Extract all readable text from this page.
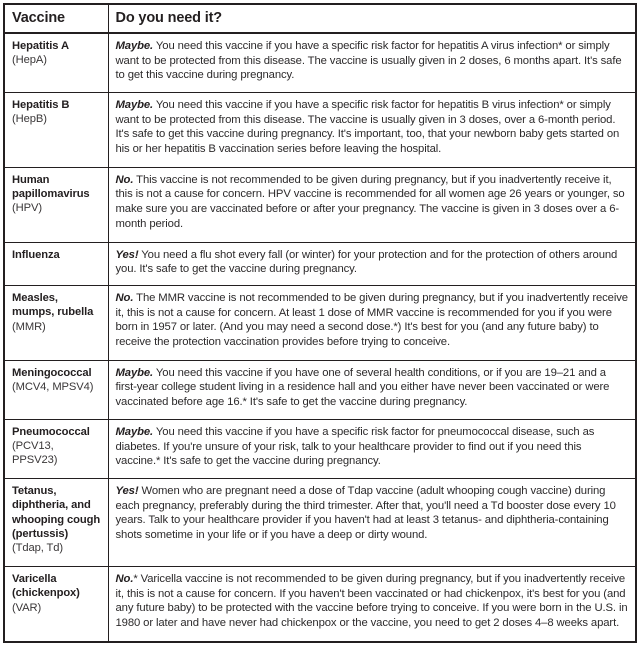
Vaccine	Do you need it?
Hepatitis A (HepA)	Maybe. You need this vaccine if you have a specific risk factor for hepatitis A virus infection* or simply want to be protected from this disease. The vaccine is usually given in 2 doses, 6 months apart. It's safe to get this vaccine during pregnancy.
Hepatitis B (HepB)	Maybe. You need this vaccine if you have a specific risk factor for hepatitis B virus infection* or simply want to be protected from this disease. The vaccine is usually given in 3 doses, over a 6-month period. It's safe to get this vaccine during pregnancy. It's important, too, that your newborn baby gets started on his or her hepatitis B vaccination series before leaving the hospital.
Human papillomavirus (HPV)	No. This vaccine is not recommended to be given during pregnancy, but if you inadvertently receive it, this is not a cause for concern. HPV vaccine is recommended for all women age 26 years or younger, so make sure you are vaccinated before or after your pregnancy. The vaccine is given in 3 doses over a 6-month period.
Influenza	Yes! You need a flu shot every fall (or winter) for your protection and for the protection of others around you. It's safe to get the vaccine during pregnancy.
Measles, mumps, rubella (MMR)	No. The MMR vaccine is not recommended to be given during pregnancy, but if you inadvertently receive it, this is not a cause for concern. At least 1 dose of MMR vaccine is recommended for you if you were born in 1957 or later. (And you may need a second dose.*) It's best for you (and any future baby) to receive the protection vaccination provides before trying to conceive.
Meningococcal (MCV4, MPSV4)	Maybe. You need this vaccine if you have one of several health conditions, or if you are 19–21 and a first-year college student living in a residence hall and you either have never been vaccinated or were vaccinated before age 16.* It's safe to get the vaccine during pregnancy.
Pneumococcal (PCV13, PPSV23)	Maybe. You need this vaccine if you have a specific risk factor for pneumococcal disease, such as diabetes. If you're unsure of your risk, talk to your healthcare provider to find out if you need this vaccine.* It's safe to get the vaccine during pregnancy.
Tetanus, diphtheria, and whooping cough (pertussis) (Tdap, Td)	Yes! Women who are pregnant need a dose of Tdap vaccine (adult whooping cough vaccine) during each pregnancy, preferably during the third trimester. After that, you'll need a Td booster dose every 10 years. Talk to your healthcare provider if you haven't had at least 3 tetanus- and diphtheria-containing shots sometime in your life or if you have a deep or dirty wound.
Varicella (chickenpox) (VAR)	No.* Varicella vaccine is not recommended to be given during pregnancy, but if you inadvertently receive it, this is not a cause for concern. If you haven't been vaccinated or had chickenpox, it's best for you (and any future baby) to be protected with the vaccine before trying to conceive. If you were born in the U.S. in 1980 or later and have never had chickenpox or the vaccine, you need to get 2 doses 4–8 weeks apart.
